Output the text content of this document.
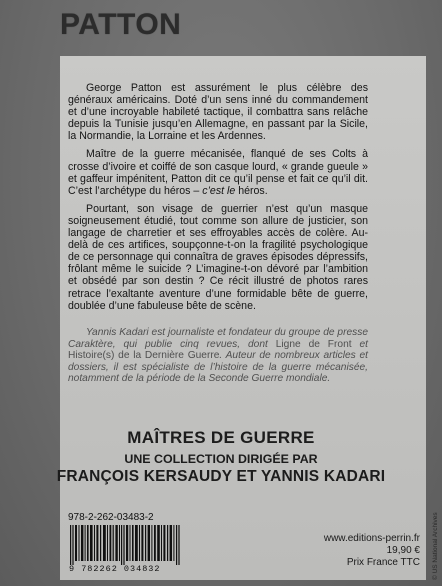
PATTON

George Patton est assurément le plus célèbre des généraux américains. Doté d’un sens inné du commandement et d’une incroyable habileté tactique, il combattra sans relâche depuis la Tunisie jusqu’en Allemagne, en passant par la Sicile, la Normandie, la Lorraine et les Ardennes.

Maître de la guerre mécanisée, flanqué de ses Colts à crosse d’ivoire et coiffé de son casque lourd, « grande gueule » et gaffeur impénitent, Patton dit ce qu’il pense et fait ce qu’il dit. C’est l’archétype du héros – c’est le héros.

Pourtant, son visage de guerrier n’est qu’un masque soigneusement étudié, tout comme son allure de justicier, son langage de charretier et ses effroyables accès de colère. Au-delà de ces artifices, soupçonne-t-on la fragilité psychologique de ce personnage qui connaîtra de graves épisodes dépressifs, frôlant même le suicide ? L’imagine-t-on dévoré par l’ambition et obsédé par son destin ? Ce récit illustré de photos rares retrace l’exaltante aventure d’une formidable bête de guerre, doublée d’une fabuleuse bête de scène.

Yannis Kadari est journaliste et fondateur du groupe de presse Caraktère, qui publie cinq revues, dont Ligne de Front et Histoire(s) de la Dernière Guerre. Auteur de nombreux articles et dossiers, il est spécialiste de l’histoire de la guerre mécanisée, notamment de la période de la Seconde Guerre mondiale.
MAÎTRES DE GUERRE
UNE COLLECTION DIRIGÉE PAR
FRANÇOIS KERSAUDY ET YANNIS KADARI
978-2-262-03483-2
9 782262 034832
www.editions-perrin.fr
19,90 €
Prix France TTC © US National Archives
